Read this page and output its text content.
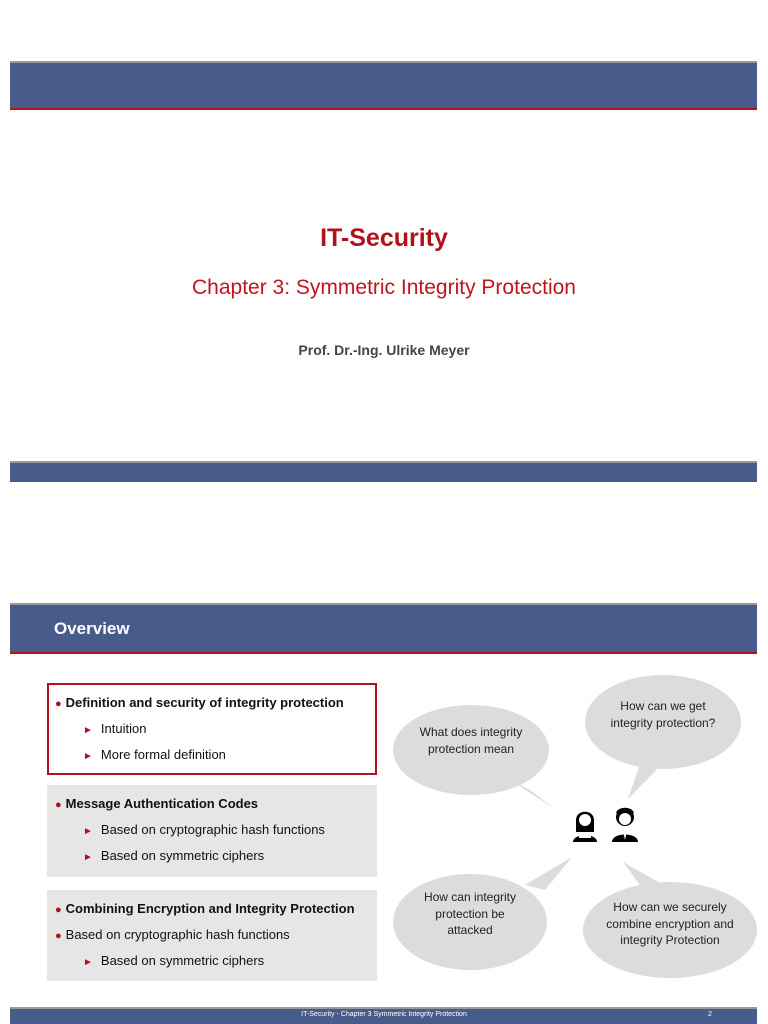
IT-Security
Chapter 3: Symmetric Integrity Protection
Prof. Dr.-Ing. Ulrike Meyer
Overview
● Definition and security of integrity protection
► Intuition
► More formal definition
● Message Authentication Codes
► Based on cryptographic hash functions
► Based on symmetric ciphers
● Combining Encryption and Integrity Protection
● Based on cryptographic hash functions
► Based on symmetric ciphers
What does integrity protection mean
How can we get integrity protection?
How can integrity protection be attacked
How can we securely combine encryption and integrity Protection
IT-Security - Chapter 3 Symmetric Integrity Protection	2
